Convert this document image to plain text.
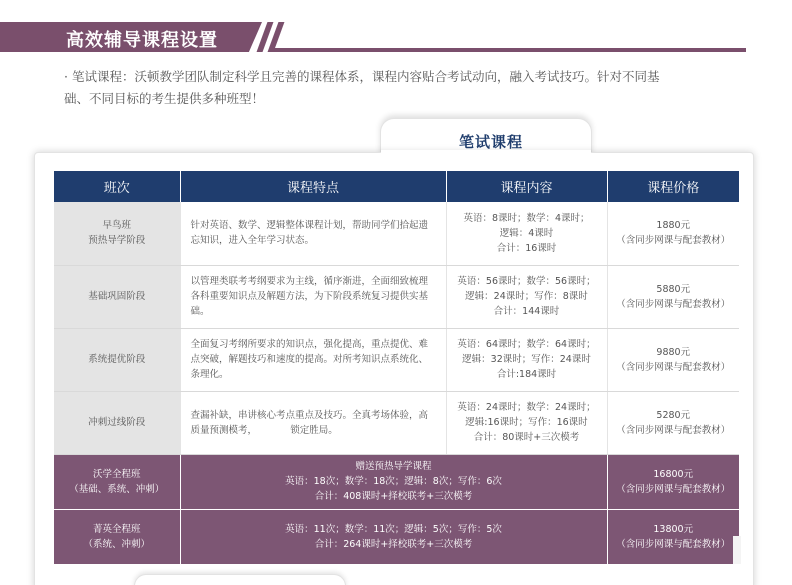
高效辅导课程设置
· 笔试课程：沃顿教学团队制定科学且完善的课程体系，课程内容贴合考试动向，融入考试技巧。针对不同基
础、不同目标的考生提供多种班型！
笔试课程
班次	课程特点	课程内容	课程价格

早鸟班
预热导学阶段	针对英语、数学、逻辑整体课程计划，帮助同学们拾起遗忘知识，进入全年学习状态。	英语：8课时；数学：4课时；
逻辑：4课时
合计：16课时	1880元
（含同步网课与配套教材）

基础巩固阶段	以管理类联考考纲要求为主线，循序渐进，全面细致梳理各科重要知识点及解题方法，为下阶段系统复习提供实基础。	英语：56课时；数学：56课时；
逻辑：24课时；写作：8课时
合计：144课时	5880元
（含同步网课与配套教材）

系统提优阶段	全面复习考纲所要求的知识点，强化提高，重点提优、难点突破，解题技巧和速度的提高。对所考知识点系统化、条理化。	英语：64课时；数学：64课时；
逻辑：32课时；写作：24课时
合计:184课时	9880元
（含同步网课与配套教材）

冲刺过线阶段	查漏补缺，串讲核心考点重点及技巧。全真考场体验，高质量预测模考，　　　　锁定胜局。	英语：24课时；数学：24课时；
逻辑:16课时；写作：16课时
合计：80课时+三次模考	5280元
（含同步网课与配套教材）

沃学全程班
（基础、系统、冲刺）	赠送预热导学课程
英语：18次；数学：18次；逻辑：8次；写作：6次
合计：408课时+择校联考+三次模考		16800元
（含同步网课与配套教材）

菁英全程班
（系统、冲刺）	英语：11次；数学：11次；逻辑：5次；写作：5次
合计：264课时+择校联考+三次模考		13800元
（含同步网课与配套教材）
